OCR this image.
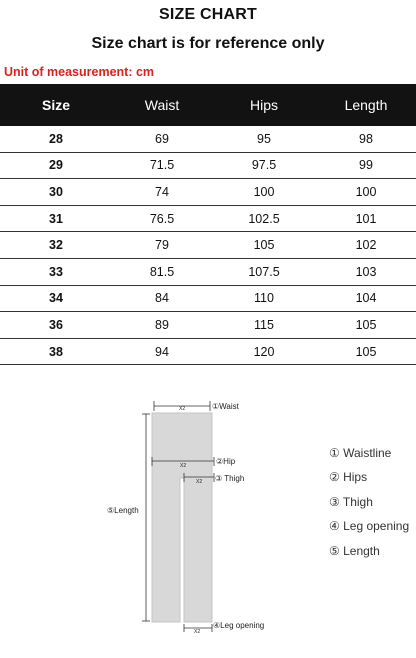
SIZE CHART
Size chart is for reference only
Unit of measurement: cm
Size	Waist	Hips	Length
28	69	95	98
29	71.5	97.5	99
30	74	100	100
31	76.5	102.5	101
32	79	105	102
33	81.5	107.5	103
34	84	110	104
36	89	115	105
38	94	120	105
X2	①Waist
X2	②Hip
X2 ③ Thigh
⑤Length
X2
④Leg opening
① Waistline
② Hips
③ Thigh
④ Leg opening
⑤ Length
